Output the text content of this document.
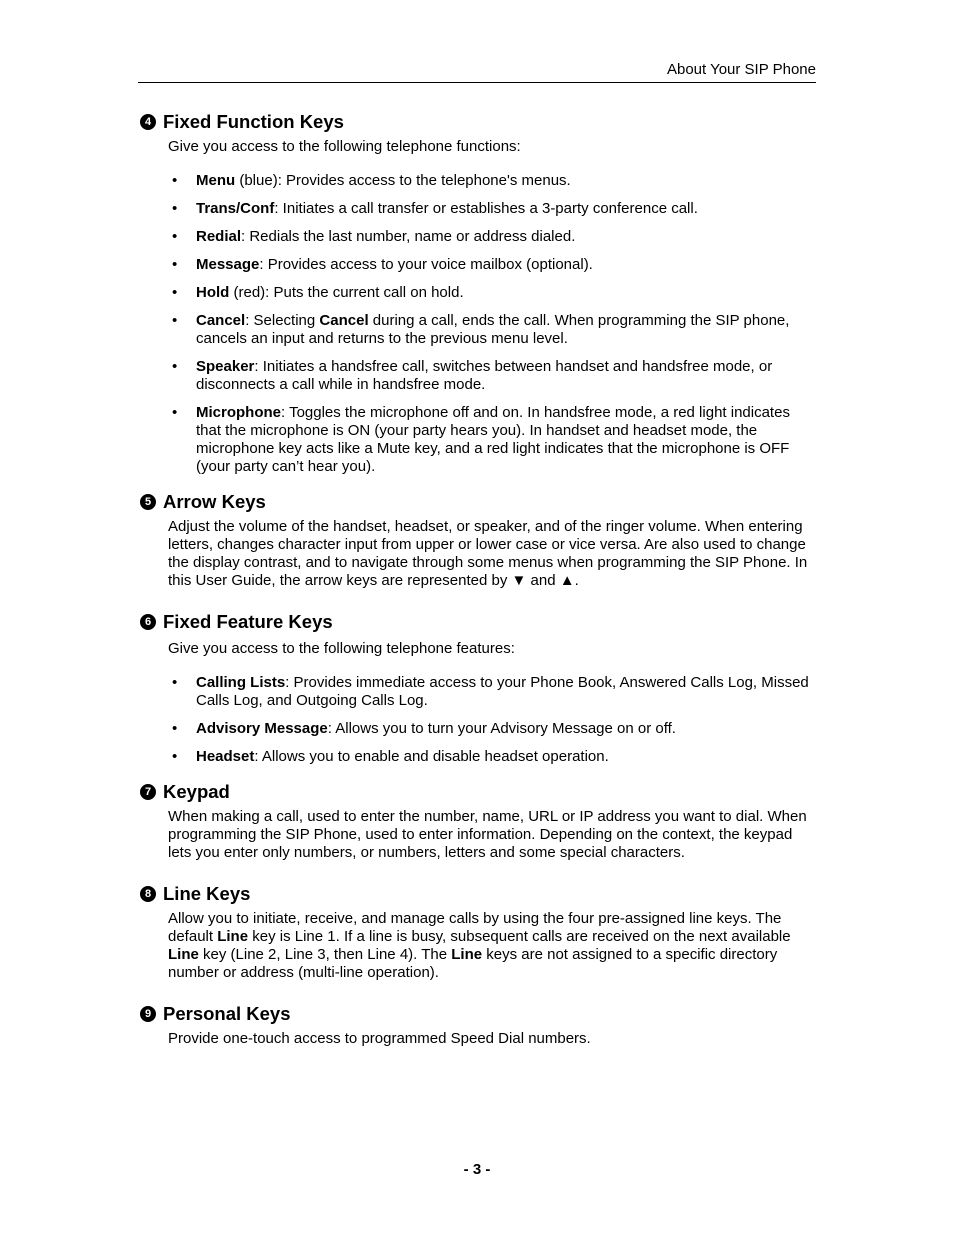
About Your SIP Phone
4 Fixed Function Keys

Give you access to the following telephone functions:

• Menu (blue): Provides access to the telephone's menus.
• Trans/Conf: Initiates a call transfer or establishes a 3-party conference call.
• Redial: Redials the last number, name or address dialed.
• Message: Provides access to your voice mailbox (optional).
• Hold (red): Puts the current call on hold.
• Cancel: Selecting Cancel during a call, ends the call. When programming the SIP phone, cancels an input and returns to the previous menu level.
• Speaker: Initiates a handsfree call, switches between handset and handsfree mode, or disconnects a call while in handsfree mode.
• Microphone: Toggles the microphone off and on. In handsfree mode, a red light indicates that the microphone is ON (your party hears you). In handset and headset mode, the microphone key acts like a Mute key, and a red light indicates that the microphone is OFF (your party can’t hear you).
5 Arrow Keys

Adjust the volume of the handset, headset, or speaker, and of the ringer volume. When entering letters, changes character input from upper or lower case or vice versa. Are also used to change the display contrast, and to navigate through some menus when programming the SIP Phone. In this User Guide, the arrow keys are represented by ▼ and ▲.

6 Fixed Feature Keys

Give you access to the following telephone features:

• Calling Lists: Provides immediate access to your Phone Book, Answered Calls Log, Missed Calls Log, and Outgoing Calls Log.
• Advisory Message: Allows you to turn your Advisory Message on or off.
• Headset: Allows you to enable and disable headset operation.
7 Keypad

When making a call, used to enter the number, name, URL or IP address you want to dial. When programming the SIP Phone, used to enter information. Depending on the context, the keypad lets you enter only numbers, or numbers, letters and some special characters.

8 Line Keys

Allow you to initiate, receive, and manage calls by using the four pre-assigned line keys. The default Line key is Line 1. If a line is busy, subsequent calls are received on the next available Line key (Line 2, Line 3, then Line 4). The Line keys are not assigned to a specific directory number or address (multi-line operation).

9 Personal Keys

Provide one-touch access to programmed Speed Dial numbers.

- 3 -
